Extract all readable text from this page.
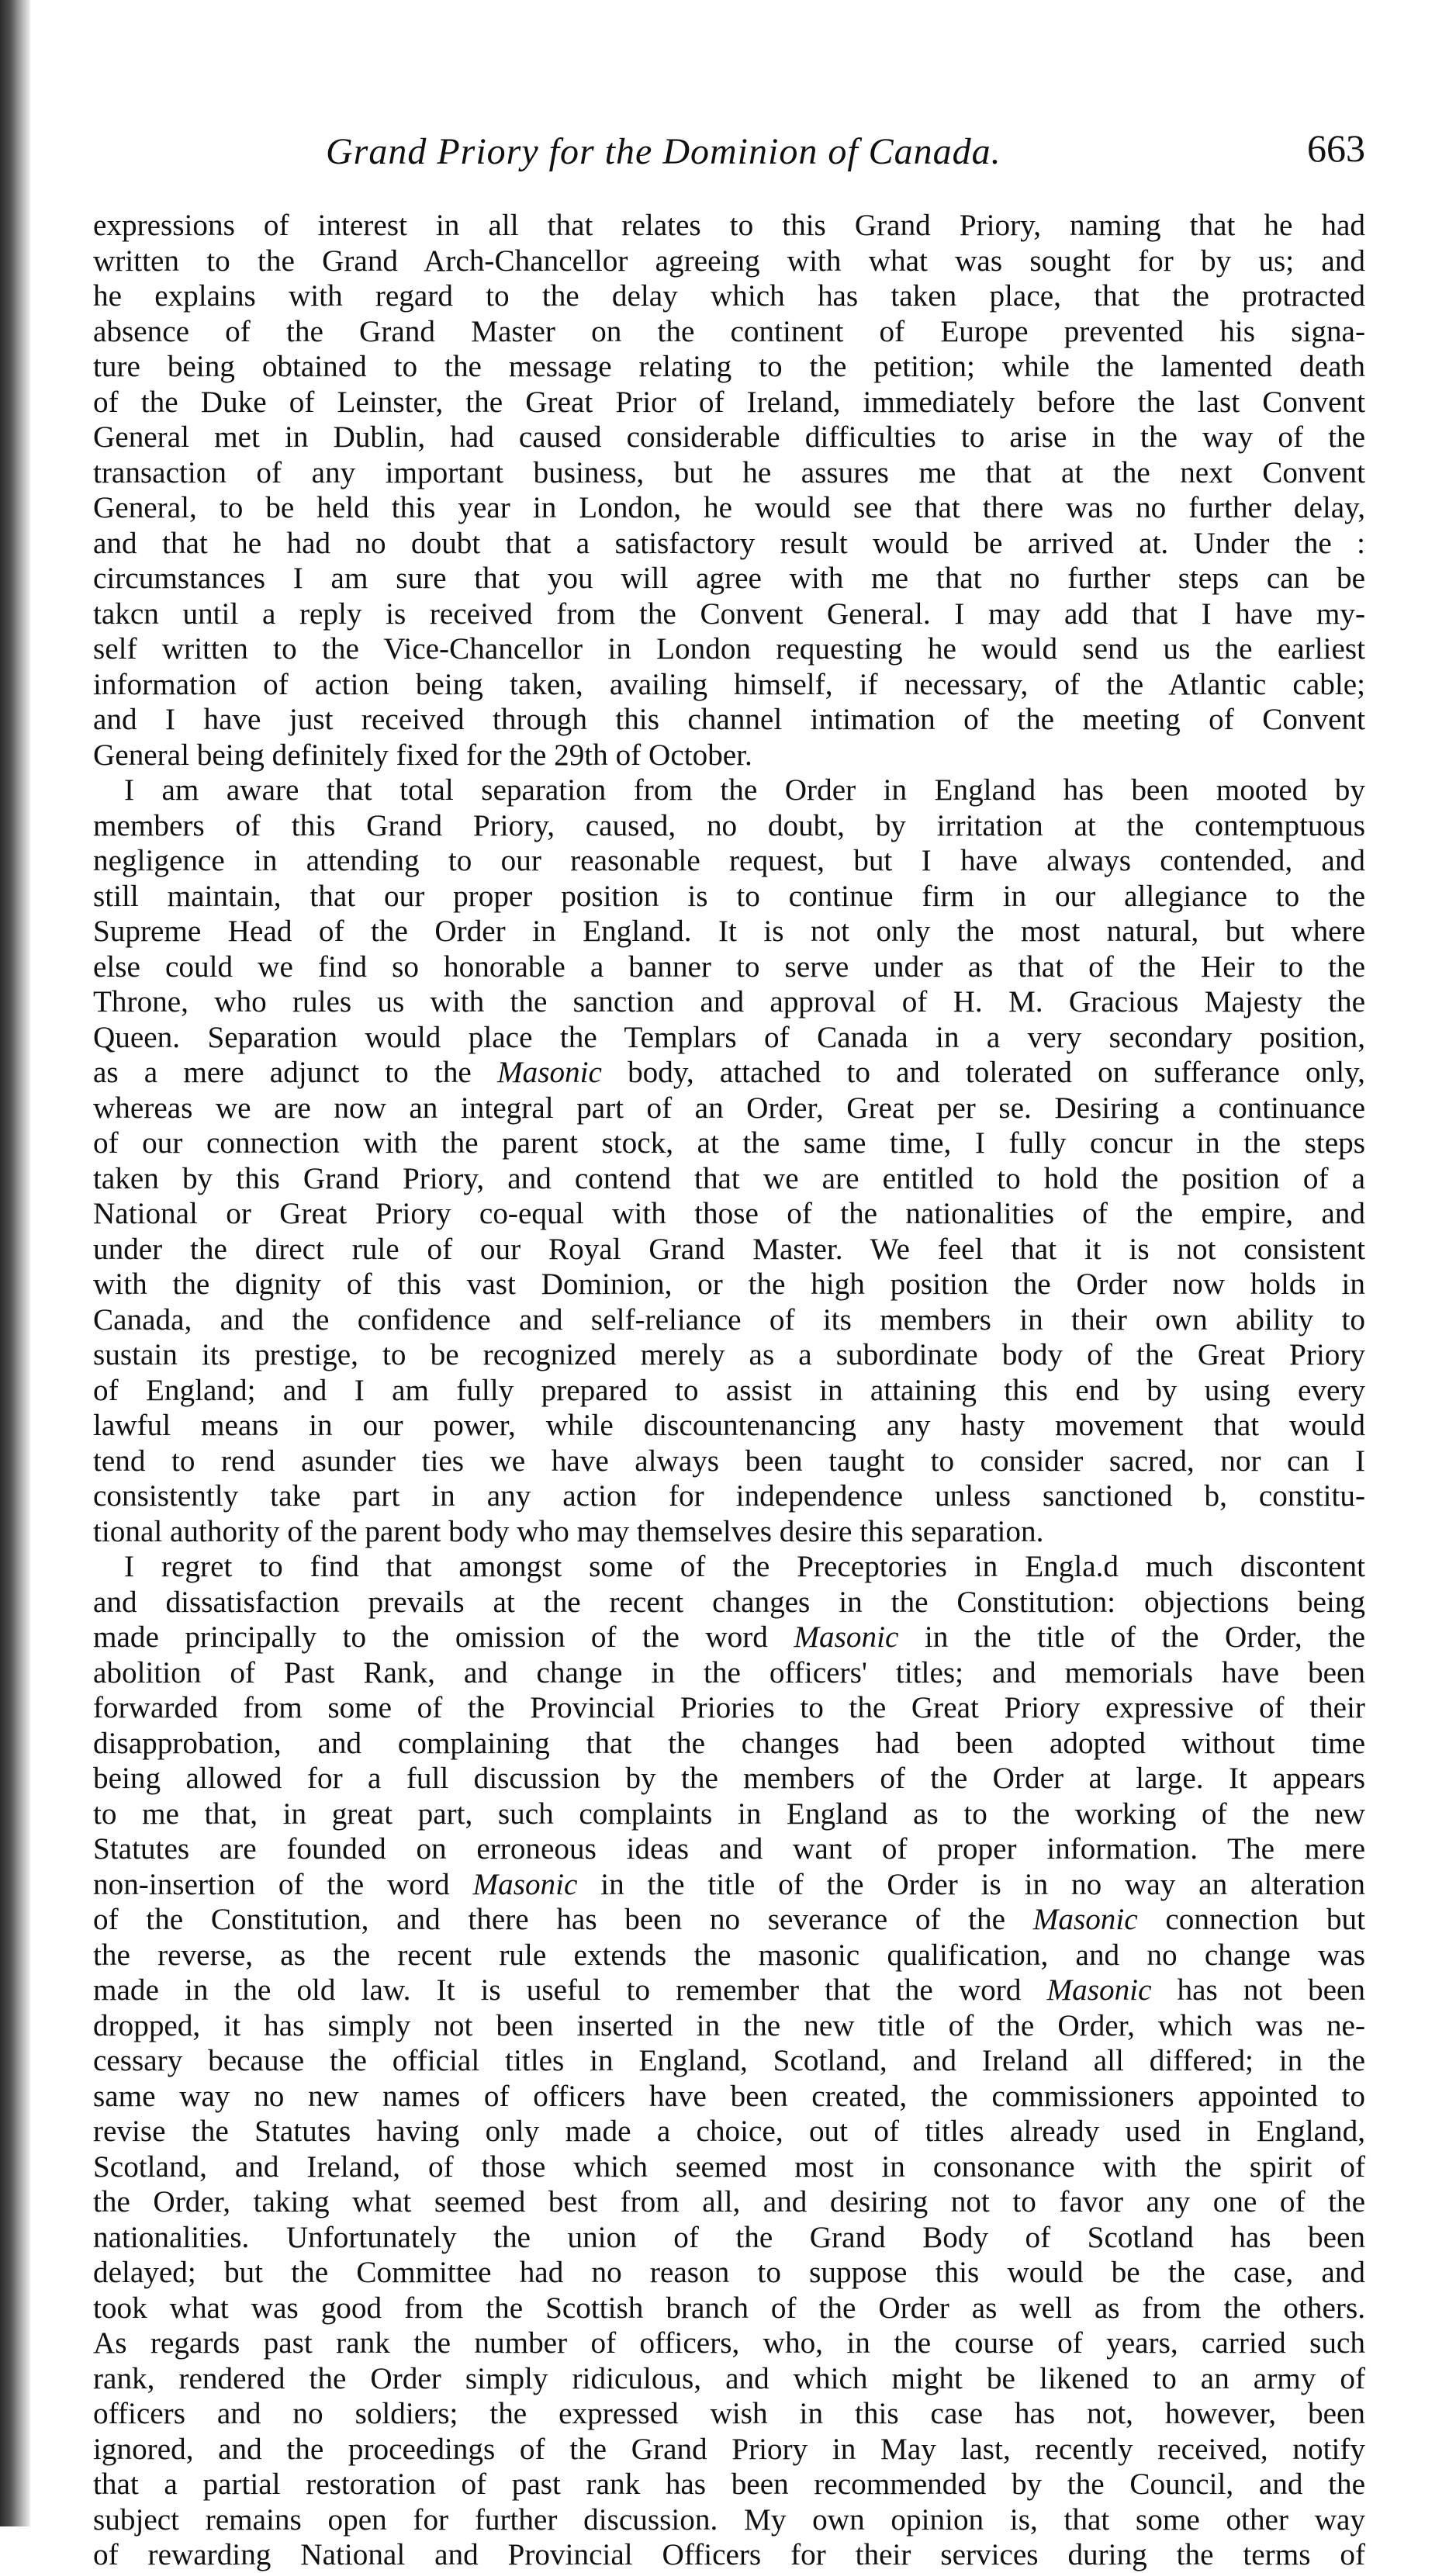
Grand Priory for the Dominion of Canada.	663
expressions of interest in all that relates to this Grand Priory, naming that he had
written to the Grand Arch-Chancellor agreeing with what was sought for by us; and
he explains with regard to the delay which has taken place, that the protracted
absence of the Grand Master on the continent of Europe prevented his signa-
ture being obtained to the message relating to the petition; while the lamented death
of the Duke of Leinster, the Great Prior of Ireland, immediately before the last Convent
General met in Dublin, had caused considerable difficulties to arise in the way of the
transaction of any important business, but he assures me that at the next Convent
General, to be held this year in London, he would see that there was no further delay,
and that he had no doubt that a satisfactory result would be arrived at. Under the :
circumstances I am sure that you will agree with me that no further steps can be
takcn until a reply is received from the Convent General. I may add that I have my-
self written to the Vice-Chancellor in London requesting he would send us the earliest
information of action being taken, availing himself, if necessary, of the Atlantic cable;
and I have just received through this channel intimation of the meeting of Convent
General being definitely fixed for the 29th of October.
I am aware that total separation from the Order in England has been mooted by
members of this Grand Priory, caused, no doubt, by irritation at the contemptuous
negligence in attending to our reasonable request, but I have always contended, and
still maintain, that our proper position is to continue firm in our allegiance to the
Supreme Head of the Order in England. It is not only the most natural, but where
else could we find so honorable a banner to serve under as that of the Heir to the
Throne, who rules us with the sanction and approval of H. M. Gracious Majesty the
Queen. Separation would place the Templars of Canada in a very secondary position,
as a mere adjunct to the Masonic body, attached to and tolerated on sufferance only,
whereas we are now an integral part of an Order, Great per se. Desiring a continuance
of our connection with the parent stock, at the same time, I fully concur in the steps
taken by this Grand Priory, and contend that we are entitled to hold the position of a
National or Great Priory co-equal with those of the nationalities of the empire, and
under the direct rule of our Royal Grand Master. We feel that it is not consistent
with the dignity of this vast Dominion, or the high position the Order now holds in
Canada, and the confidence and self-reliance of its members in their own ability to
sustain its prestige, to be recognized merely as a subordinate body of the Great Priory
of England; and I am fully prepared to assist in attaining this end by using every
lawful means in our power, while discountenancing any hasty movement that would
tend to rend asunder ties we have always been taught to consider sacred, nor can I
consistently take part in any action for independence unless sanctioned b, constitu-
tional authority of the parent body who may themselves desire this separation.
I regret to find that amongst some of the Preceptories in Engla.d much discontent
and dissatisfaction prevails at the recent changes in the Constitution: objections being
made principally to the omission of the word Masonic in the title of the Order, the
abolition of Past Rank, and change in the officers' titles; and memorials have been
forwarded from some of the Provincial Priories to the Great Priory expressive of their
disapprobation, and complaining that the changes had been adopted without time
being allowed for a full discussion by the members of the Order at large. It appears
to me that, in great part, such complaints in England as to the working of the new
Statutes are founded on erroneous ideas and want of proper information. The mere
non-insertion of the word Masonic in the title of the Order is in no way an alteration
of the Constitution, and there has been no severance of the Masonic connection but
the reverse, as the recent rule extends the masonic qualification, and no change was
made in the old law. It is useful to remember that the word Masonic has not been
dropped, it has simply not been inserted in the new title of the Order, which was ne-
cessary because the official titles in England, Scotland, and Ireland all differed; in the
same way no new names of officers have been created, the commissioners appointed to
revise the Statutes having only made a choice, out of titles already used in England,
Scotland, and Ireland, of those which seemed most in consonance with the spirit of
the Order, taking what seemed best from all, and desiring not to favor any one of the
nationalities. Unfortunately the union of the Grand Body of Scotland has been
delayed; but the Committee had no reason to suppose this would be the case, and
took what was good from the Scottish branch of the Order as well as from the others.
As regards past rank the number of officers, who, in the course of years, carried such
rank, rendered the Order simply ridiculous, and which might be likened to an army of
officers and no soldiers; the expressed wish in this case has not, however, been
ignored, and the proceedings of the Grand Priory in May last, recently received, notify
that a partial restoration of past rank has been recommended by the Council, and the
subject remains open for further discussion. My own opinion is, that some other way
of rewarding National and Provincial Officers for their services during the terms of
